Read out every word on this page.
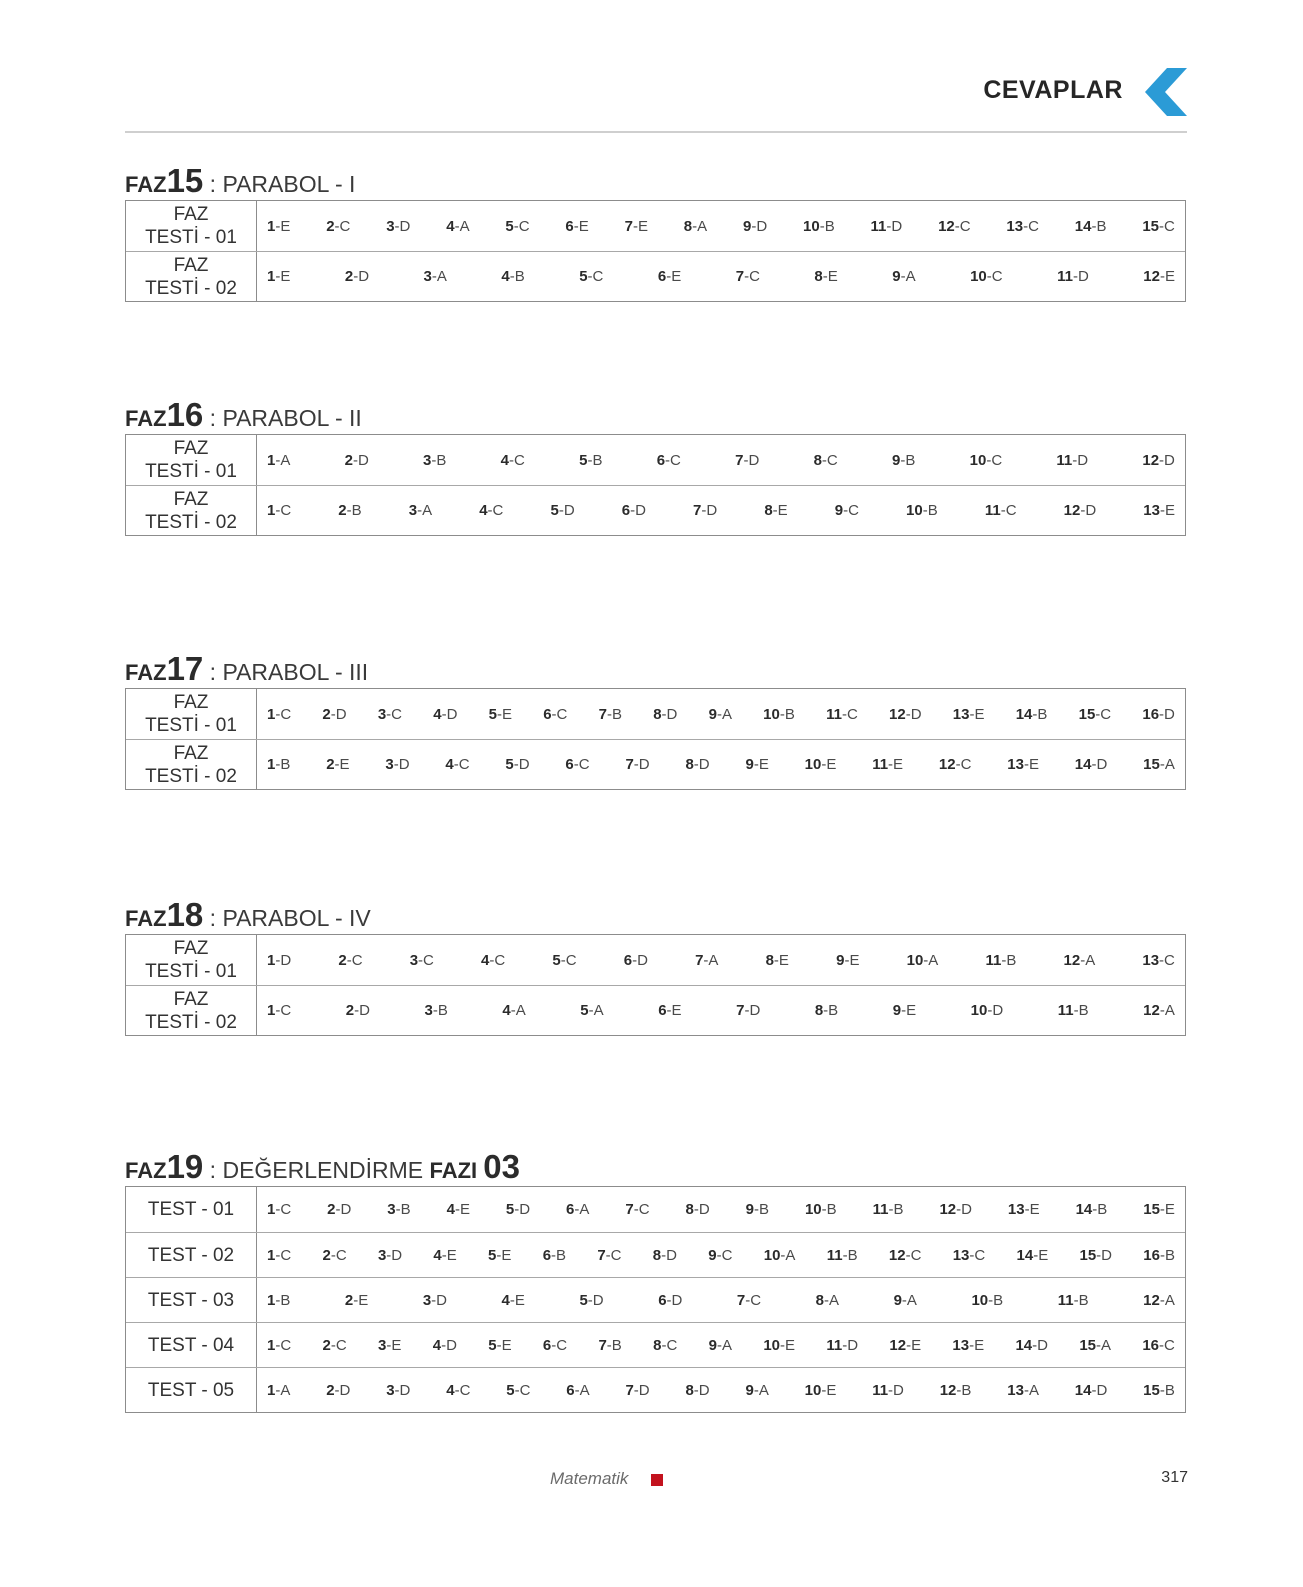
CEVAPLAR
FAZ15 : PARABOL - I
FAZ
TESTİ - 01
1-E 2-C 3-D 4-A 5-C 6-E 7-E 8-A 9-D 10-B 11-D 12-C 13-C 14-B 15-C
FAZ
TESTİ - 02
1-E	2-D	3-A	4-B	5-C	6-E	7-C	8-E	9-A	10-C	11-D	12-E
FAZ16 : PARABOL - II
FAZ
TESTİ - 01
1-A	2-D	3-B	4-C	5-B	6-C	7-D	8-C	9-B	10-C	11-D	12-D
FAZ
TESTİ - 02
1-C	2-B	3-A	4-C	5-D	6-D	7-D	8-E	9-C	10-B	11-C	12-D	13-E
FAZ17 : PARABOL - III
FAZ
TESTİ - 01
1-C 2-D 3-C 4-D 5-E 6-C 7-B 8-D 9-A 10-B 11-C 12-D 13-E 14-B 15-C 16-D
FAZ
TESTİ - 02
1-B 2-E 3-D 4-C 5-D 6-C 7-D 8-D 9-E 10-E 11-E 12-C 13-E 14-D 15-A
FAZ18 : PARABOL - IV
FAZ
TESTİ - 01
1-D	2-C	3-C	4-C	5-C	6-D	7-A	8-E	9-E	10-A	11-B	12-A	13-C
FAZ
TESTİ - 02
1-C	2-D	3-B	4-A	5-A	6-E	7-D	8-B	9-E	10-D	11-B	12-A
FAZ19 : DEĞERLENDİRME FAZI 03
TEST - 01 1-C 2-D 3-B 4-E 5-D 6-A 7-C 8-D 9-B 10-B 11-B 12-D 13-E 14-B 15-E
TEST - 02 1-C 2-C 3-D 4-E 5-E 6-B 7-C 8-D 9-C 10-A 11-B 12-C 13-C 14-E 15-D 16-B
TEST - 03 1-B	2-E	3-D	4-E	5-D	6-D	7-C	8-A	9-A	10-B	11-B	12-A
TEST - 04 1-C 2-C 3-E 4-D 5-E 6-C 7-B 8-C 9-A 10-E 11-D 12-E 13-E 14-D 15-A 16-C
TEST - 05 1-A 2-D 3-D 4-C 5-C 6-A 7-D 8-D 9-A 10-E 11-D 12-B 13-A 14-D 15-B
Matematik	317
